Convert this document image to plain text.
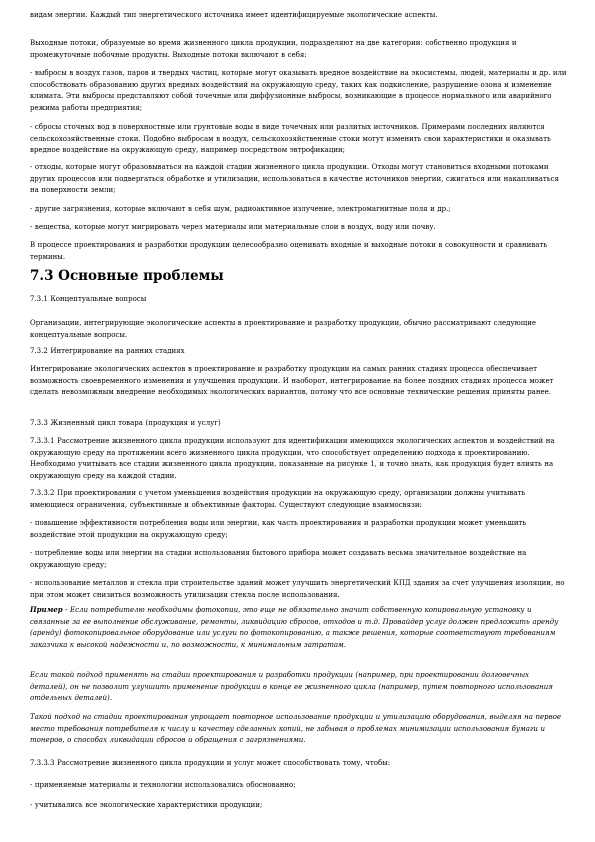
видам энергии. Каждый тип энергетического источника имеет идентифицируемые экологические аспекты.

Выходные потоки, образуемые во время жизненного цикла продукции, подразделяют на две категории: собственно продукция и промежуточные побочные продукты. Выходные потоки включают в себя:

- выбросы в воздух газов, паров и твердых частиц, которые могут оказывать вредное воздействие на экосистемы, людей, материалы и др. или способствовать образованию других вредных воздействий на окружающую среду, таких как подкисление, разрушение озона и изменение климата. Эти выбросы представляют собой точечные или диффузионные выбросы, возникающие в процессе нормального или аварийного режима работы предприятия;

- сбросы сточных вод в поверхностные или грунтовые воды в виде точечных или разлитых источников. Примерами последних являются сельскохозяйственные стоки. Подобно выбросам в воздух, сельскохозяйственные стоки могут изменить свои характеристики и оказывать вредное воздействие на окружающую среду, например посредством эвтрофикации;

- отходы, которые могут образовываться на каждой стадии жизненного цикла продукции. Отходы могут становиться входными потоками других процессов или подвергаться обработке и утилизации, использоваться в качестве источников энергии, сжигаться или накапливаться на поверхности земли;

- другие загрязнения, которые включают в себя шум, радиоактивное излучение, электромагнитные поля и др.;

- вещества, которые могут мигрировать через материалы или материальные слои в воздух, воду или почву.

В процессе проектирования и разработки продукции целесообразно оценивать входные и выходные потоки в совокупности и сравнивать термины.

7.3 Основные проблемы

7.3.1 Концептуальные вопросы

Организации, интегрирующие экологические аспекты в проектирование и разработку продукции, обычно рассматривают следующие концептуальные вопросы.

7.3.2 Интегрирование на ранних стадиях

Интегрирование экологических аспектов в проектирование и разработку продукции на самых ранних стадиях процесса обеспечивает возможность своевременного изменения и улучшения продукции. И наоборот, интегрирование на более поздних стадиях процесса может сделать невозможным внедрение необходимых экологических вариантов, потому что все основные технические решения приняты ранее.

7.3.3 Жизненный цикл товара (продукция и услуг)

7.3.3.1 Рассмотрение жизненного цикла продукции используют для идентификации имеющихся экологических аспектов и воздействий на окружающую среду на протяжении всего жизненного цикла продукции, что способствует определению подхода к проектированию. Необходимо учитывать все стадии жизненного цикла продукции, показанные на рисунке 1, и точно знать, как продукция будет влиять на окружающую среду на каждой стадии.

7.3.3.2 При проектировании с учетом уменьшения воздействия продукции на окружающую среду, организации должны учитывать имеющиеся ограничения, субъективные и объективные факторы. Существуют следующие взаимосвязи:

- повышение эффективности потребления воды или энергии, как часть проектирования и разработки продукции может уменьшить воздействие этой продукции на окружающую среду;

- потребление воды или энергии на стадии использования бытового прибора может создавать весьма значительное воздействие на окружающую среду;

- использование металлов и стекла при строительстве зданий может улучшить энергетический КПД здания за счет улучшения изоляции, но при этом может снизиться возможность утилизации стекла после использования.

Пример - Если потребителю необходимы фотокопии, это еще не обязательно значит собственную копировальную установку и связанные за ее выполнение обслуживание, ремонты, ликвидацию сбросов, отходов и т.д. Провайдер услуг должен предложить аренду (аренду) фотокопировальное оборудование или услуги по фотокопированию, а также решения, которые соответствуют требованиям заказчика к высокой надежности и, по возможности, к минимальным затратам.

Если такой подход применять на стадии проектирования и разработки продукции (например, при проектировании долговечных деталей), он не позволит улучшить применение продукции в конце ее жизненного цикла (например, путем повторного использования отдельных деталей).

Такой подход на стадии проектирования упрощает повторное использование продукции и утилизацию оборудования, выделяя на первое место требования потребителя к числу и качеству сделанных копий, не забывая о проблемах минимизации использования бумаги и тонеров, о способах ликвидации сбросов и обращения с загрязнениями.

7.3.3.3 Рассмотрение жизненного цикла продукции и услуг может способствовать тому, чтобы:

- применяемые материалы и технологии использовались обоснованно;

- учитывались все экологические характеристики продукции;
